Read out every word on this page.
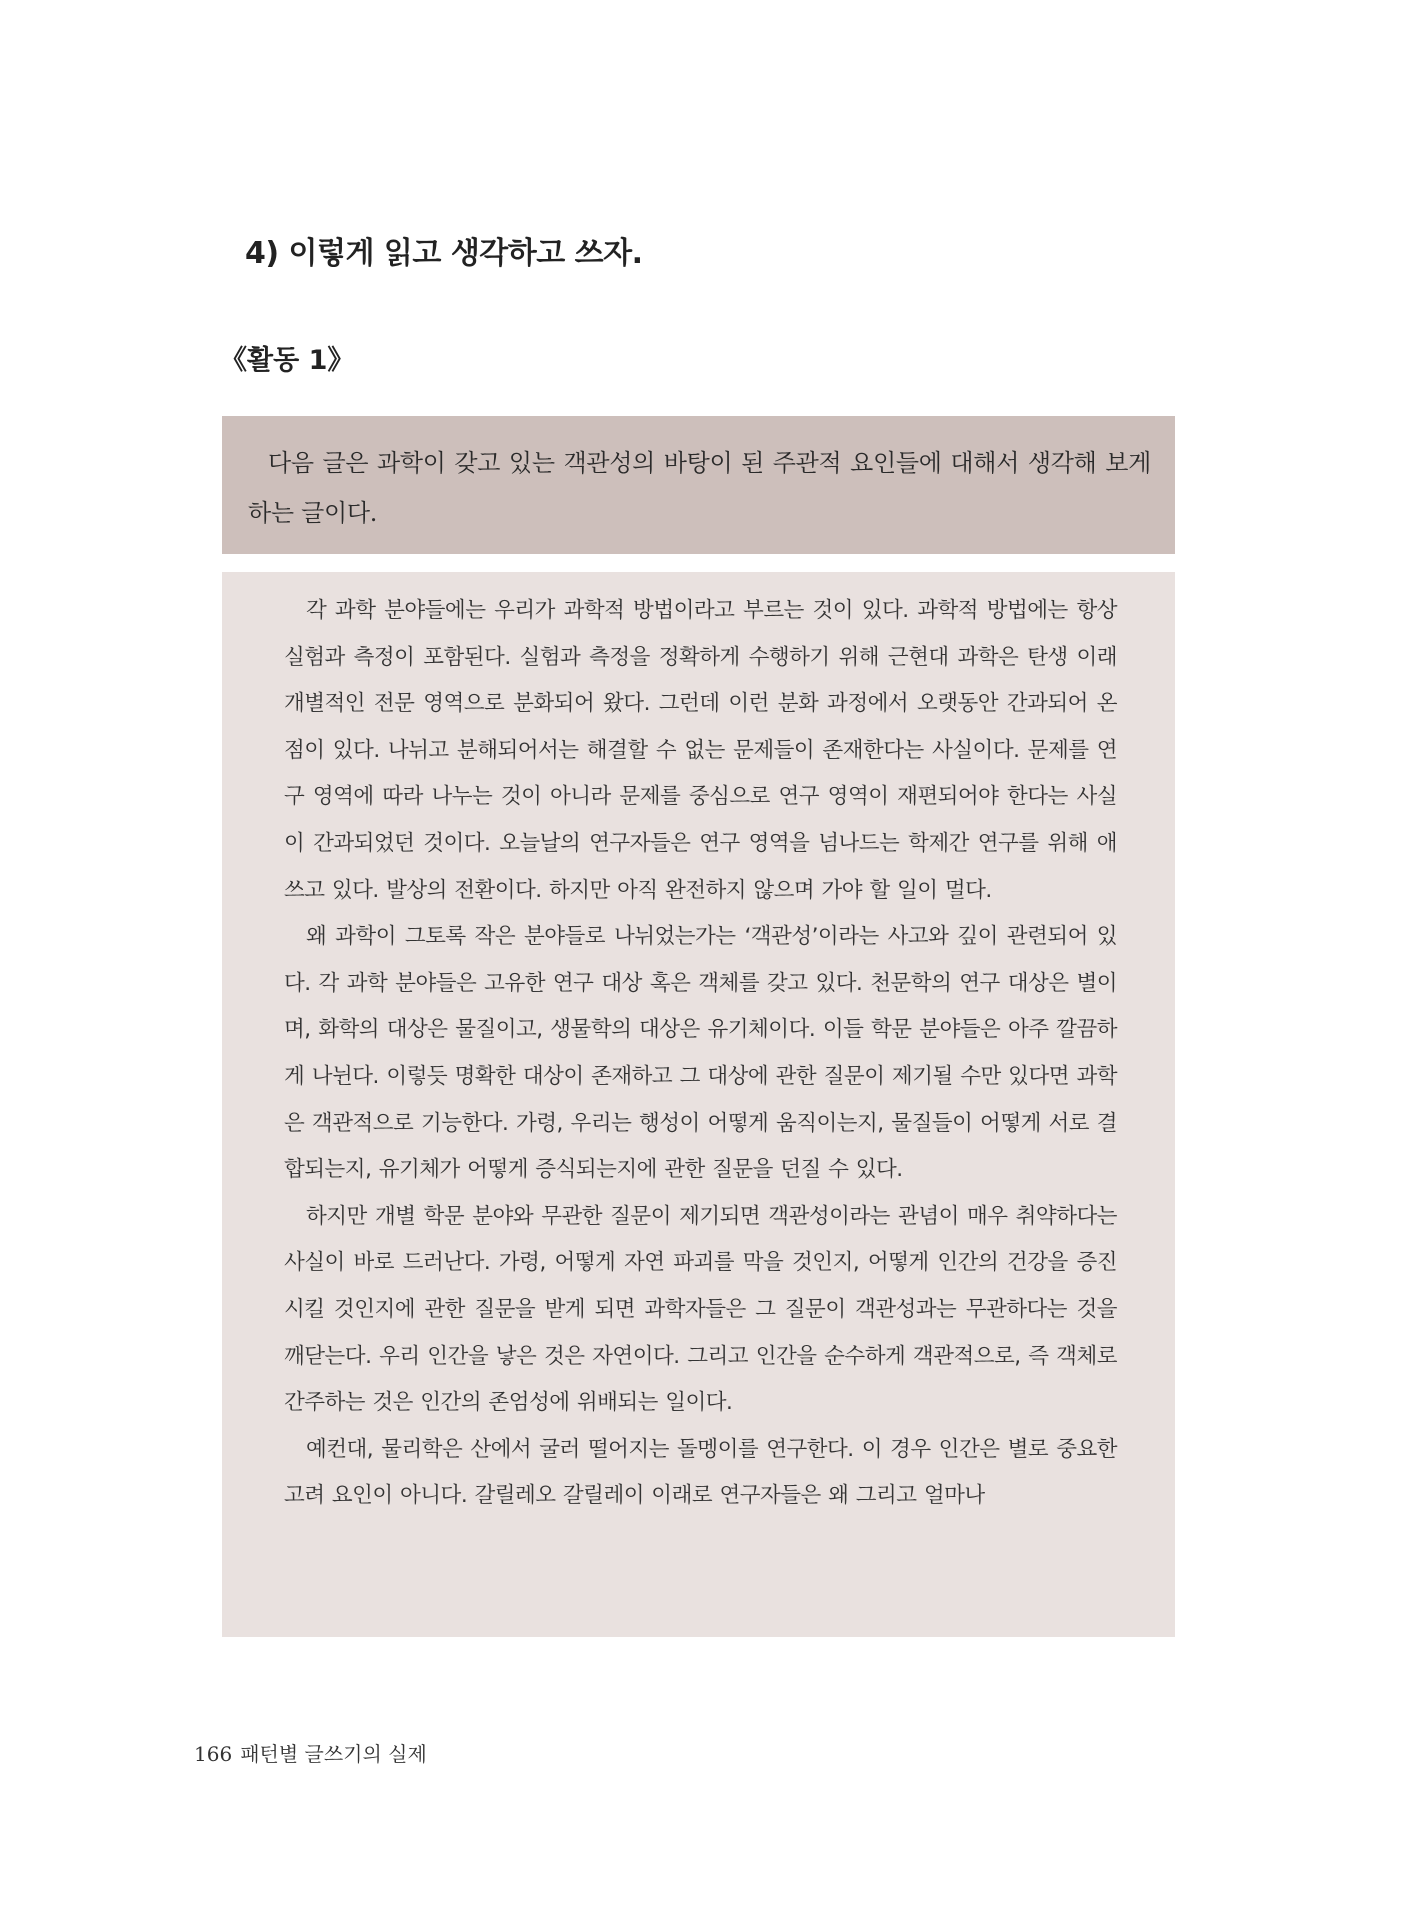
4) 이렇게 읽고 생각하고 쓰자.
《활동 1》

다음 글은 과학이 갖고 있는 객관성의 바탕이 된 주관적 요인들에 대해서 생각해 보게 하는 글이다.

각 과학 분야들에는 우리가 과학적 방법이라고 부르는 것이 있다. 과학적 방법에는 항상 실험과 측정이 포함된다. 실험과 측정을 정확하게 수행하기 위해 근현대 과학은 탄생 이래 개별적인 전문 영역으로 분화되어 왔다. 그런데 이런 분화 과정에서 오랫동안 간과되어 온 점이 있다. 나뉘고 분해되어서는 해결할 수 없는 문제들이 존재한다는 사실이다. 문제를 연구 영역에 따라 나누는 것이 아니라 문제를 중심으로 연구 영역이 재편되어야 한다는 사실이 간과되었던 것이다. 오늘날의 연구자들은 연구 영역을 넘나드는 학제간 연구를 위해 애쓰고 있다. 발상의 전환이다. 하지만 아직 완전하지 않으며 가야 할 일이 멀다.

왜 과학이 그토록 작은 분야들로 나뉘었는가는 ‘객관성’이라는 사고와 깊이 관련되어 있다. 각 과학 분야들은 고유한 연구 대상 혹은 객체를 갖고 있다. 천문학의 연구 대상은 별이며, 화학의 대상은 물질이고, 생물학의 대상은 유기체이다. 이들 학문 분야들은 아주 깔끔하게 나뉜다. 이렇듯 명확한 대상이 존재하고 그 대상에 관한 질문이 제기될 수만 있다면 과학은 객관적으로 기능한다. 가령, 우리는 행성이 어떻게 움직이는지, 물질들이 어떻게 서로 결합되는지, 유기체가 어떻게 증식되는지에 관한 질문을 던질 수 있다.

하지만 개별 학문 분야와 무관한 질문이 제기되면 객관성이라는 관념이 매우 취약하다는 사실이 바로 드러난다. 가령, 어떻게 자연 파괴를 막을 것인지, 어떻게 인간의 건강을 증진시킬 것인지에 관한 질문을 받게 되면 과학자들은 그 질문이 객관성과는 무관하다는 것을 깨닫는다. 우리 인간을 낳은 것은 자연이다. 그리고 인간을 순수하게 객관적으로, 즉 객체로 간주하는 것은 인간의 존엄성에 위배되는 일이다.

예컨대, 물리학은 산에서 굴러 떨어지는 돌멩이를 연구한다. 이 경우 인간은 별로 중요한 고려 요인이 아니다. 갈릴레오 갈릴레이 이래로 연구자들은 왜 그리고 얼마나

166 패턴별 글쓰기의 실제
